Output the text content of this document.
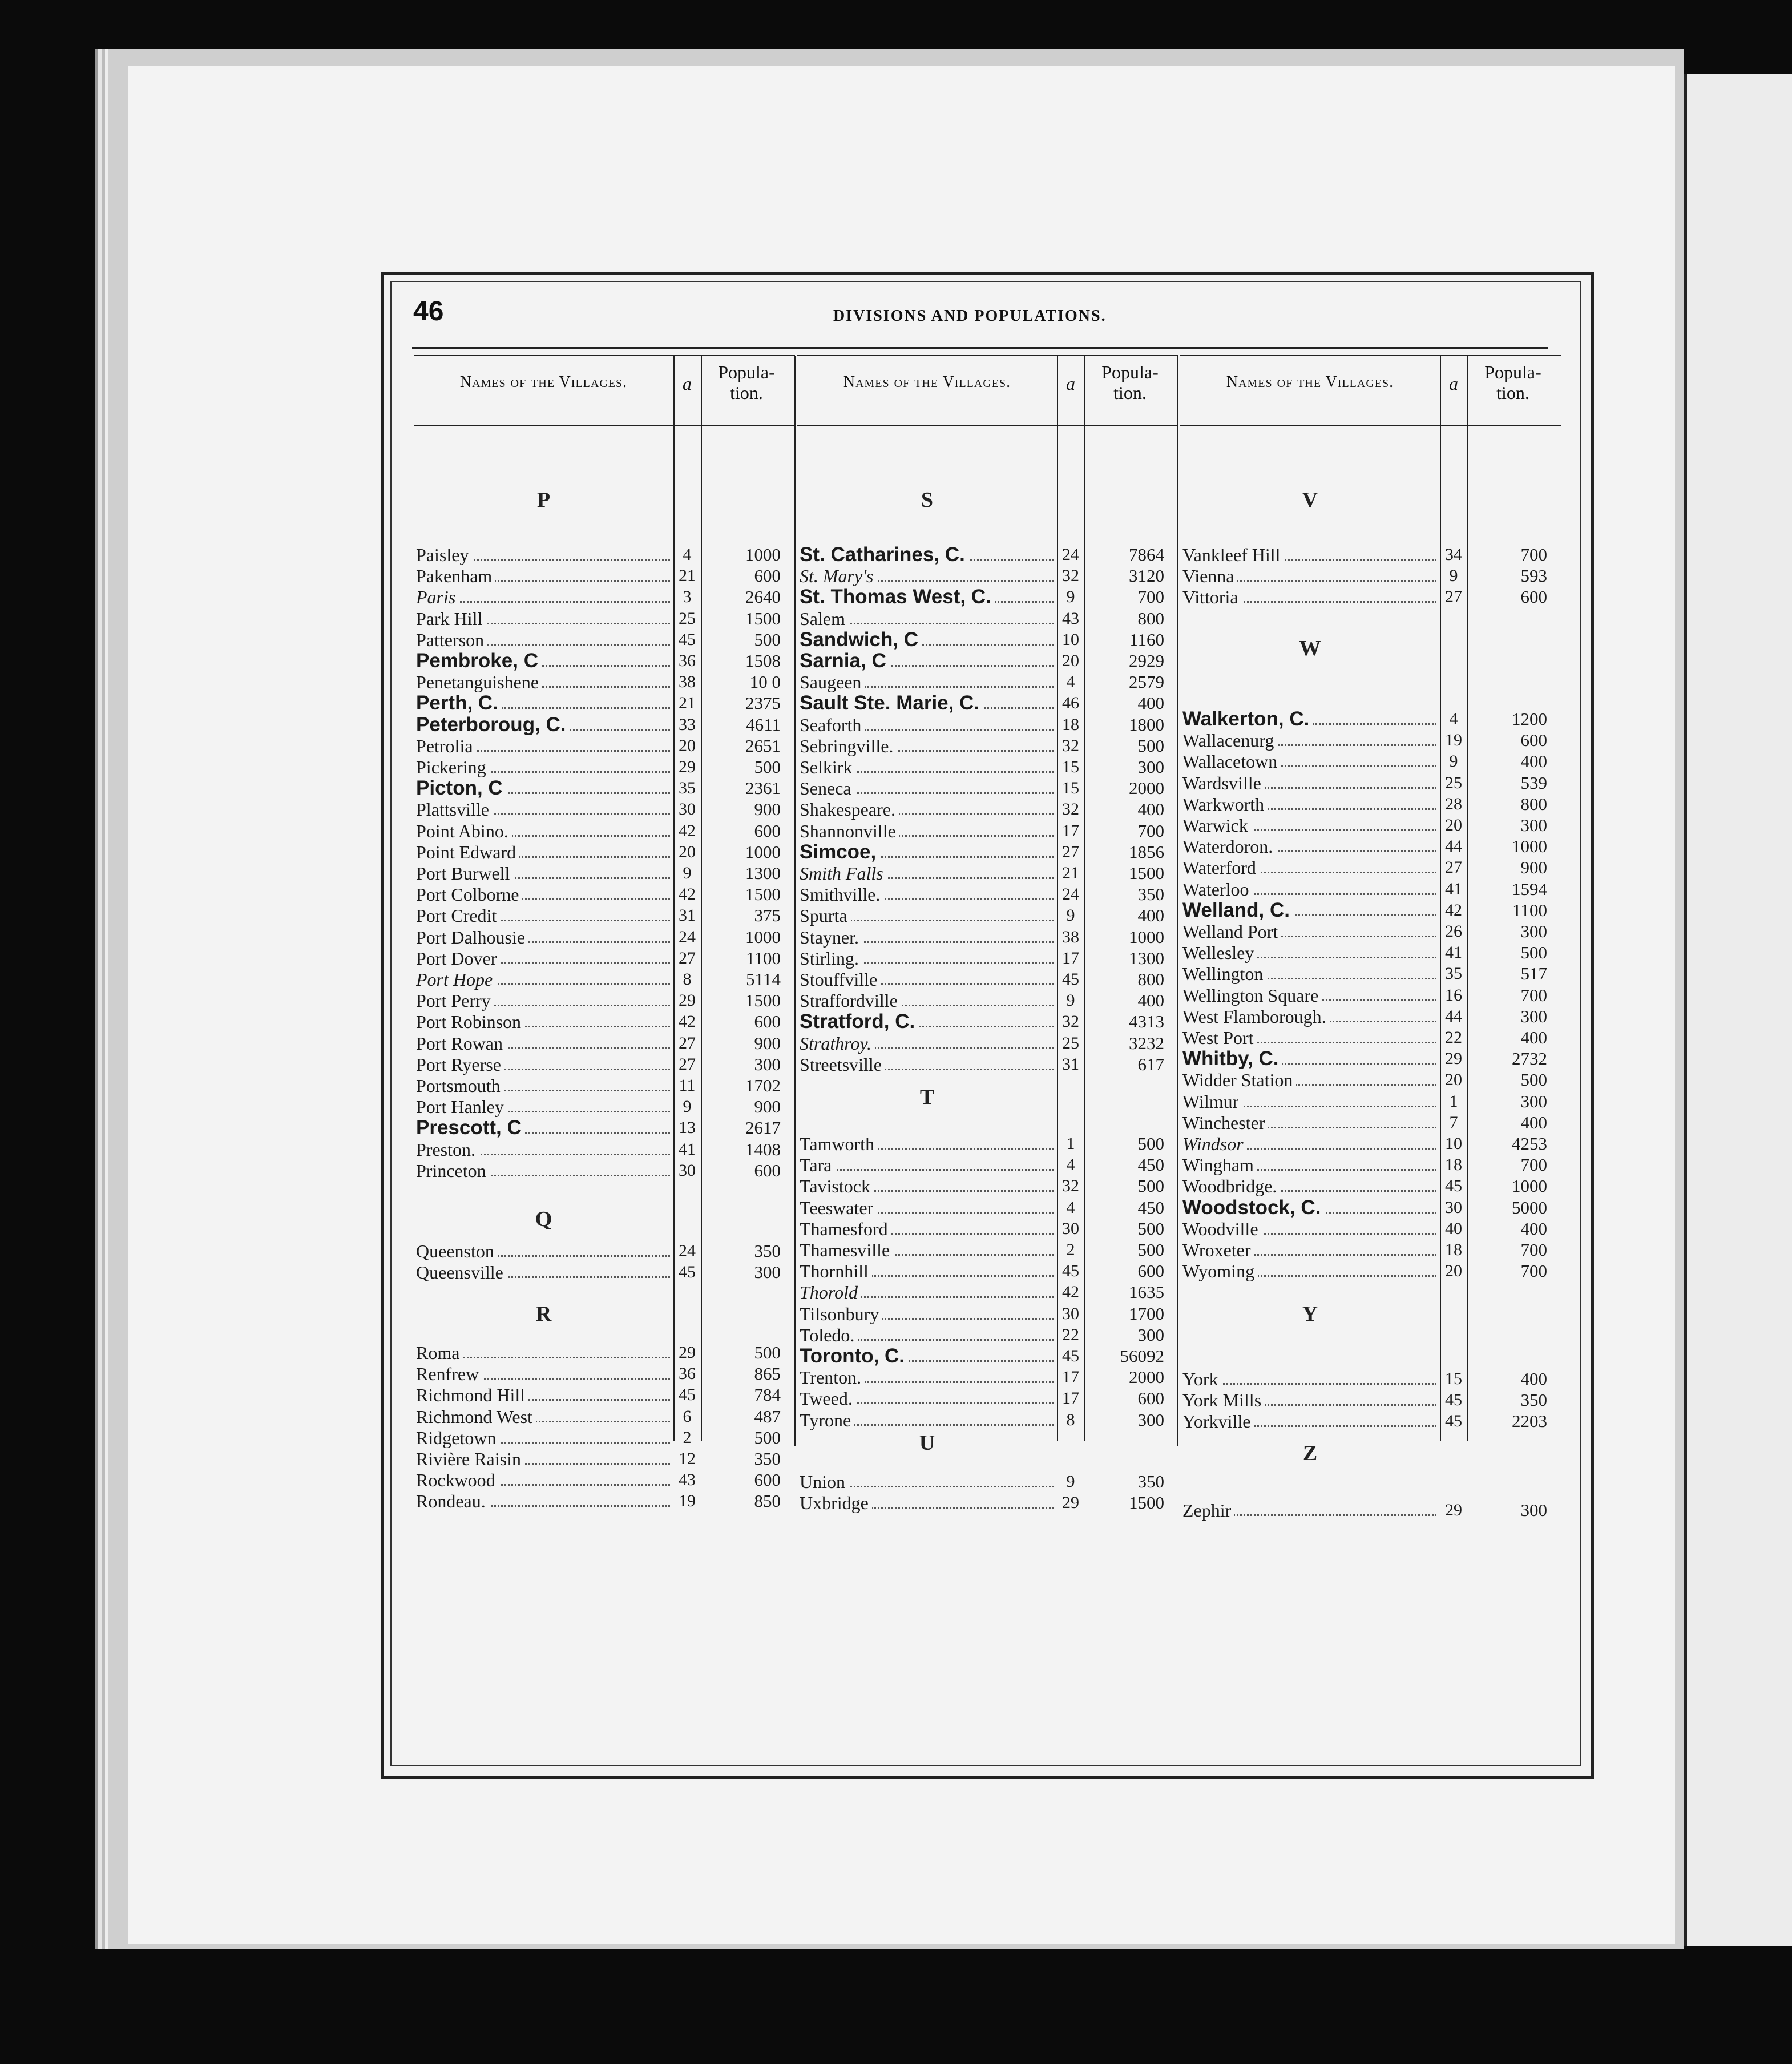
46	DIVISIONS AND POPULATIONS.
Names of the Villages.	a
Popula-
tion.
P
Paisley	4	1000
Pakenham	21	600
Paris	3	2640
Park Hill	25	1500
Patterson	45	500
Pembroke, C	36	1508
Penetanguishene	38	10 0
Perth, C.	21	2375
Peterboroug, C.	33	4611
Petrolia	20	2651
Pickering	29	500
Picton, C	35	2361
Plattsville	30	900
Point Abino.	42	600
Point Edward	20	1000
Port Burwell	9	1300
Port Colborne	42	1500
Port Credit	31	375
Port Dalhousie	24	1000
Port Dover	27	1100
Port Hope	8	5114
Port Perry	29	1500
Port Robinson	42	600
Port Rowan	27	900
Port Ryerse	27	300
Portsmouth	11	1702
Port Hanley	9	900
Prescott, C	13	2617
Preston.	41	1408
Princeton	30	600
Q
Queenston	24	350
Queensville	45	300
R
Roma	29	500
Renfrew	36	865
Richmond Hill	45	784
Richmond West	6	487
Ridgetown	2	500
Rivière Raisin	12	350
Rockwood	43	600
Rondeau.	19	850
Names of the Villages.	a
Popula-
tion.
S
St. Catharines, C.	24	7864
St. Mary's	32	3120
St. Thomas West, C.	9	700
Salem	43	800
Sandwich, C	10	1160
Sarnia, C	20	2929
Saugeen	4	2579
Sault Ste. Marie, C.	46	400
Seaforth	18	1800
Sebringville.	32	500
Selkirk	15	300
Seneca	15	2000
Shakespeare.	32	400
Shannonville	17	700
Simcoe,	27	1856
Smith Falls	21	1500
Smithville.	24	350
Spurta	9	400
Stayner.	38	1000
Stirling.	17	1300
Stouffville	45	800
Straffordville	9	400
Stratford, C.	32	4313
Strathroy.	25	3232
Streetsville	31	617
T
Tamworth	1	500
Tara	4	450
Tavistock	32	500
Teeswater	4	450
Thamesford	30	500
Thamesville	2	500
Thornhill	45	600
Thorold	42	1635
Tilsonbury	30	1700
Toledo.	22	300
Toronto, C.	45	56092
Trenton.	17	2000
Tweed.	17	600
Tyrone	8	300
U
Union	9	350
Uxbridge	29	1500
Names of the Villages.	a
Popula-
tion.
V
Vankleef Hill	34	700
Vienna	9	593
Vittoria	27	600
W
Walkerton, C.	4	1200
Wallacenurg	19	600
Wallacetown	9	400
Wardsville	25	539
Warkworth	28	800
Warwick	20	300
Waterdoron.	44	1000
Waterford	27	900
Waterloo	41	1594
Welland, C.	42	1100
Welland Port	26	300
Wellesley	41	500
Wellington	35	517
Wellington Square	16	700
West Flamborough.	44	300
West Port	22	400
Whitby, C.	29	2732
Widder Station	20	500
Wilmur	1	300
Winchester	7	400
Windsor	10	4253
Wingham	18	700
Woodbridge.	45	1000
Woodstock, C.	30	5000
Woodville	40	400
Wroxeter	18	700
Wyoming	20	700
Y
York	15	400
York Mills	45	350
Yorkville	45	2203
Z
Zephir	29	300
